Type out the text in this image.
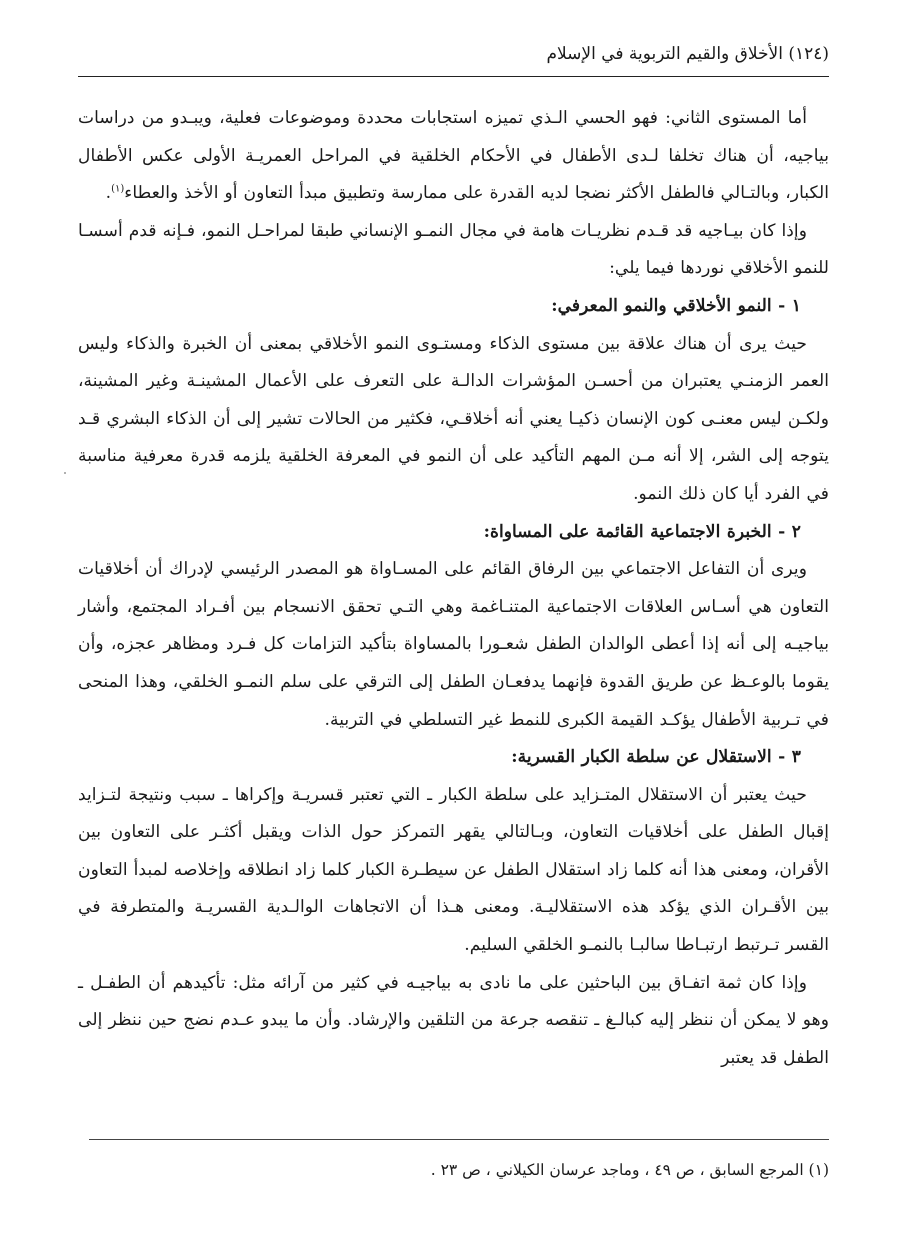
(١٢٤) الأخلاق والقيم التربوية في الإسلام

أما المستوى الثاني: فهو الحسي الـذي تميزه استجابات محددة وموضوعات فعلية، ويبـدو من دراسات بياجيه، أن هناك تخلفا لـدى الأطفال في الأحكام الخلقية في المراحل العمريـة الأولى عكس الأطفال الكبار، وبالتـالي فالطفل الأكثر نضجا لديه القدرة على ممارسة وتطبيق مبدأ التعاون أو الأخذ والعطاء$^{(١)}$.

وإذا كان بيـاجيه قد قـدم نظريـات هامة في مجال النمـو الإنساني طبقا لمراحـل النمو، فـإنه قدم أسسـا للنمو الأخلاقي نوردها فيما يلي:

١ - النمو الأخلاقي والنمو المعرفي:

حيث يرى أن هناك علاقة بين مستوى الذكاء ومستـوى النمو الأخلاقي بمعنى أن الخبرة والذكاء وليس العمر الزمنـي يعتبران من أحسـن المؤشرات الدالـة على التعرف على الأعمال المشينـة وغير المشينة، ولكـن ليس معنـى كون الإنسان ذكيـا يعني أنه أخلاقـي، فكثير من الحالات تشير إلى أن الذكاء البشري قـد يتوجه إلى الشر، إلا أنه مـن المهم التأكيد على أن النمو في المعرفة الخلقية يلزمه قدرة معرفية مناسبة في الفرد أيا كان ذلك النمو.

٢ - الخبرة الاجتماعية القائمة على المساواة:

ويرى أن التفاعل الاجتماعي بين الرفاق القائم على المسـاواة هو المصدر الرئيسي لإدراك أن أخلاقيات التعاون هي أسـاس العلاقات الاجتماعية المتنـاغمة وهي التـي تحقق الانسجام بين أفـراد المجتمع، وأشار بياجيـه إلى أنه إذا أعطى الوالدان الطفل شعـورا بالمساواة بتأكيد التزامات كل فـرد ومظاهر عجزه، وأن يقوما بالوعـظ عن طريق القدوة فإنهما يدفعـان الطفل إلى الترقي على سلم النمـو الخلقي، وهذا المنحى في تـربية الأطفال يؤكـد القيمة الكبرى للنمط غير التسلطي في التربية.

٣ - الاستقلال عن سلطة الكبار القسرية:

حيث يعتبر أن الاستقلال المتـزايد على سلطة الكبار ـ التي تعتبر قسريـة وإكراها ـ سبب ونتيجة لتـزايد إقبال الطفل على أخلاقيات التعاون، وبـالتالي يقهر التمركز حول الذات ويقبل أكثـر على التعاون بين الأقران، ومعنى هذا أنه كلما زاد استقلال الطفل عن سيطـرة الكبار كلما زاد انطلاقه وإخلاصه لمبدأ التعاون بين الأقـران الذي يؤكد هذه الاستقلاليـة. ومعنى هـذا أن الاتجاهات الوالـدية القسريـة والمتطرفة في القسر تـرتبط ارتبـاطا سالبـا بالنمـو الخلقي السليم.

وإذا كان ثمة اتفـاق بين الباحثين على ما نادى به بياجيـه في كثير من آرائه مثل: تأكيدهم أن الطفـل ـ وهو لا يمكن أن ننظر إليه كبالـغ ـ تنقصه جرعة من التلقين والإرشاد. وأن ما يبدو عـدم نضج حين ننظر إلى الطفل قد يعتبر

(١) المرجع السابق ، ص ٤٩ ، وماجد عرسان الكيلاني ، ص ٢٣ .
